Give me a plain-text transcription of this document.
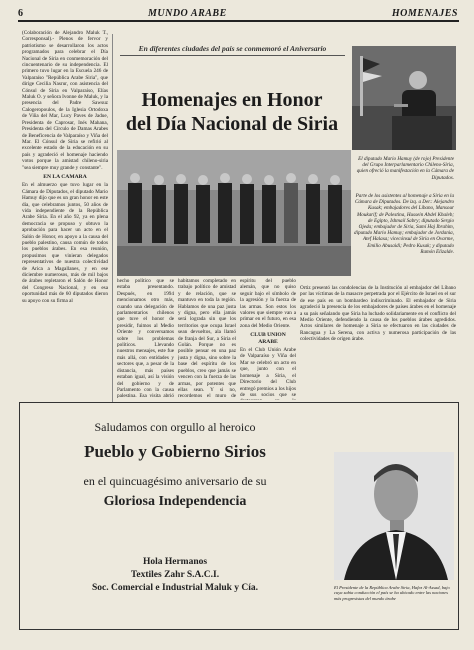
6	MUNDO ARABE	HOMENAJES
(Colaboración de Alejandro Maluk T., Corresponsal).- Plenos de fervor y patriotismo se desarrollaron los actos programados para celebrar el Día Nacional de Siria en conmemoración del cincuentenario de su independencia. El primero tuvo lugar en la Escuela 246 de Valparaíso "República Arabe Siria", que dirige Cecilia Nasrur, con asistencia del Cónsul de Siria en Valparaíso, Elías Maluk O. y señora Ivonne de Maluk, y la presencia del Padre Sawsuz Calogeropoulos, de la Iglesia Ortodoxa de Viña del Mar, Lucy Paves de Jadue, Presidenta de Caprosar, Inés Mahana, Presidenta del Círculo de Damas Arabes de Beneficencia de Valparaíso y Viña del Mar. El Cónsul de Siria se refirió al excelente estado de la educación en su país y agradeció el homenaje haciendo votos porque la amistad chileno-siria "sea siempre muy grande y constante".
EN LA CAMARA
En el almuerzo que tuvo lugar en la Cámara de Diputados, el diputado Mario Hamuy dijo que es un gran honor en este día, que celebramos juntos, 50 años de vida independiente de la República Arabe Siria. En el año 92, ya en plena democracia se propuso y obtuvo la aprobación para hacer un acto en el Salón de Honor, en apoyo a la causa del pueblo palestino, causa común de todos los pueblos árabes. En esa reunión, propusimos que vinieran delegados representativos de nuestra colectividad de Arica a Magallanes, y en ese diciembre numerosos, más de mil bajos de árabes repletaron el Salón de Honor del Congreso Nacional, y en esa oportunidad más de 60 diputados dieron su apoyo con su firma al
En diferentes ciudades del país se conmemoró el Aniversario
Homenajes en Honor
del Día Nacional de Siria
El diputado Mario Hamuy (de rojo) Presidente del Grupo Interparlamentario Chileno-Siria, quien ofreció la manifestación en la Cámara de Diputados.
Parte de los asistentes al homenaje a Siria en la Cámara de Diputados. De izq. a Der.: Alejandro Kusak; embajadores del Líbano, Mansour Moukarif; de Palestina, Hussein Abdel Khaleb; de Egipto, Ishmail Sabry; diputado Sergio Ojeda; embajador de Siria, Samí Haj Ibrahim, diputado Mario Hamuy; embajador de Jordania, Atef Halasa; vicecónsul de Siria en Ovarme, Emilio Abusaidi; Pedro Kusak; y diputado Ramón Elizalde.
hecho político que se estaba presentando. Después, en 1994 mencionamos otro más, cuando una delegación de parlamentarios chilenos que tuve el honor de presidir, fuimos al Medio Oriente y conversamos sobre los problemas políticos. Llevando nuestros mensajes, este fue más allá, con entidades y sectores que, a pesar de la distancia, más países estaban igual, así la visión del gobierno y de Parlamento con la causa palestina. Esa visita abrió
habitamos completado en trabajo político de amistad y de relación, que se mantuvo en toda la región. Hablamos de una paz justa y digna, pero ella jamás será lograda sin que los territorios que ocupa Israel sean devueltos, ala llamó de franja del Sur, a Siria el Golán. Porque no es posible pensar en una paz justa y digna, sino sobre la base del espíritu de los pueblos, creo que jamás se vencen con la fuerza de las armas, por potentes que ellas sean. Y si no, recordemos el muro de
espíritu del pueblo alemán, que no quiso seguir bajo el símbolo de la agresión y la fuerza de las armas. Son estos los valores que siempre van a primar en el futuro, en esa zona del Medio Oriente.
CLUB UNION ARABE
En el Club Unión Arabe de Valparaíso y Viña del Mar se celebró un acto en que, junto con el homenaje a Siria, el Directorio del Club entregó premios a los hijos de sus socios que se
Ortiz presentó las condolencias de la Institución al embajador del Líbano por las víctimas de la masacre perpetrada por el Ejército de Israel en el sur de ese país en un bombardeo indiscriminado. El embajador de Siria agradeció la presencia de los embajadores de países árabes en el homenaje a su país señalando que Siria ha luchado solidariamente en el conflicto del Medio Oriente, defendiendo la causa de los pueblos árabes agredidos. Actos similares de homenaje a Siria se efectuaron en las ciudades de Rancagua y La Serena, con activa y numerosa participación de las colectividades de origen árabe.
Saludamos con orgullo al heroico
Pueblo y Gobierno Sirios
en el quincuagésimo aniversario de su
Gloriosa Independencia
Hola Hermanos
Textiles Zahr S.A.C.I.
Soc. Comercial e Industrial Maluk y Cía.	El Presidente de la República Arabe Siria, Hafez Al-Assad, bajo cuya sabia conducción el país se ha ubicado entre las naciones más progresistas del mundo árabe
